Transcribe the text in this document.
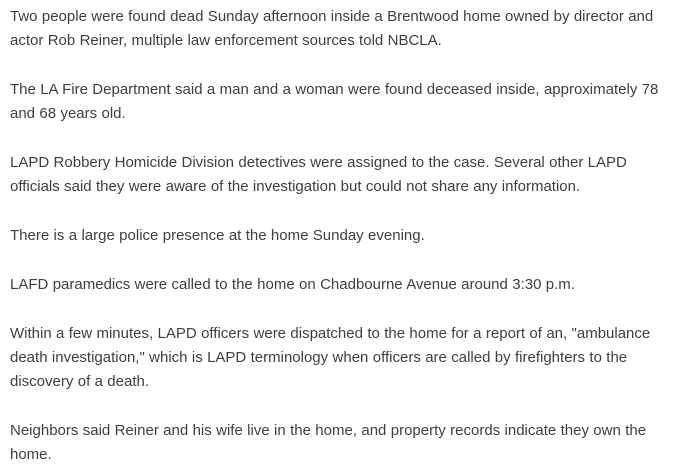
Two people were found dead Sunday afternoon inside a Brentwood home owned by director and actor Rob Reiner, multiple law enforcement sources told NBCLA.

The LA Fire Department said a man and a woman were found deceased inside, approximately 78 and 68 years old.

LAPD Robbery Homicide Division detectives were assigned to the case. Several other LAPD officials said they were aware of the investigation but could not share any information.

There is a large police presence at the home Sunday evening.

LAFD paramedics were called to the home on Chadbourne Avenue around 3:30 p.m.

Within a few minutes, LAPD officers were dispatched to the home for a report of an, "ambulance death investigation," which is LAPD terminology when officers are called by firefighters to the discovery of a death.

Neighbors said Reiner and his wife live in the home, and property records indicate they own the home.
